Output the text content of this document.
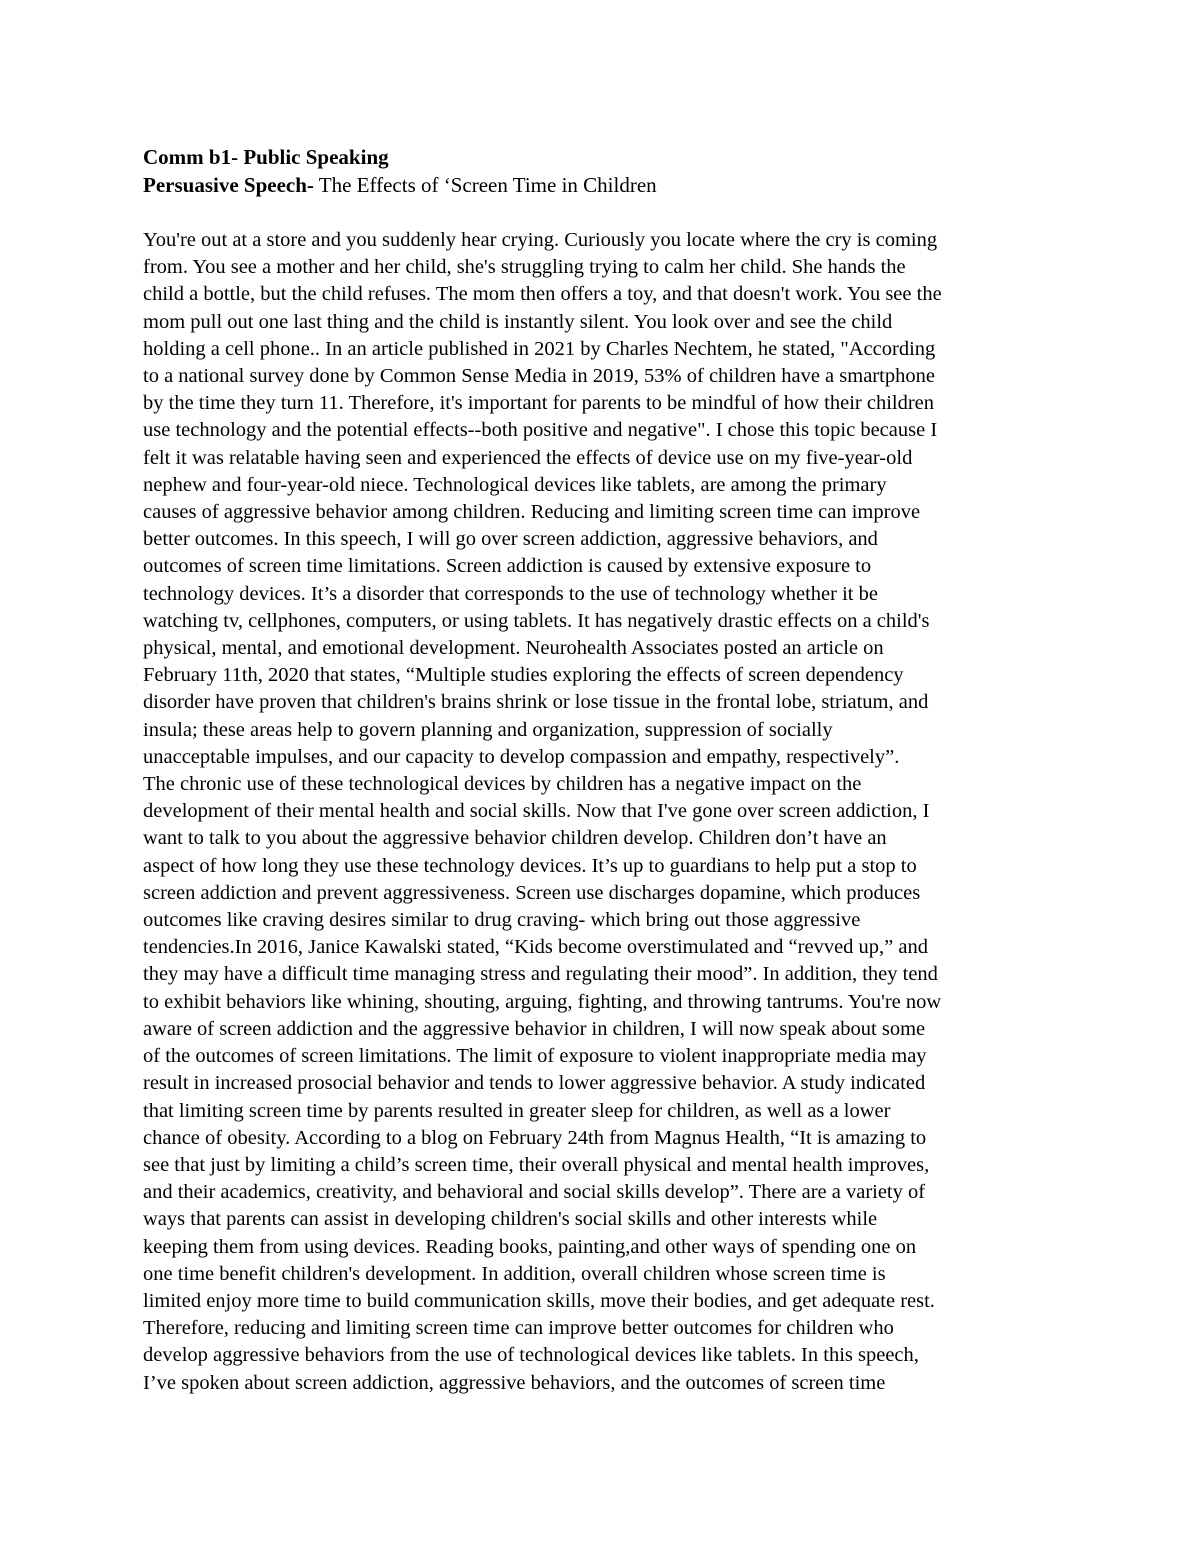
Comm b1- Public Speaking
Persuasive Speech- The Effects of ‘Screen Time in Children
You're out at a store and you suddenly hear crying. Curiously you locate where the cry is coming
from. You see a mother and her child, she's struggling trying to calm her child. She hands the
child a bottle, but the child refuses. The mom then offers a toy, and that doesn't work. You see the
mom pull out one last thing and the child is instantly silent. You look over and see the child
holding a cell phone.. In an article published in 2021 by Charles Nechtem, he stated, "According
to a national survey done by Common Sense Media in 2019, 53% of children have a smartphone
by the time they turn 11. Therefore, it's important for parents to be mindful of how their children
use technology and the potential effects--both positive and negative". I chose this topic because I
felt it was relatable having seen and experienced the effects of device use on my five-year-old
nephew and four-year-old niece. Technological devices like tablets, are among the primary
causes of aggressive behavior among children. Reducing and limiting screen time can improve
better outcomes. In this speech, I will go over screen addiction, aggressive behaviors, and
outcomes of screen time limitations. Screen addiction is caused by extensive exposure to
technology devices. It’s a disorder that corresponds to the use of technology whether it be
watching tv, cellphones, computers, or using tablets. It has negatively drastic effects on a child's
physical, mental, and emotional development. Neurohealth Associates posted an article on
February 11th, 2020 that states, “Multiple studies exploring the effects of screen dependency
disorder have proven that children's brains shrink or lose tissue in the frontal lobe, striatum, and
insula; these areas help to govern planning and organization, suppression of socially
unacceptable impulses, and our capacity to develop compassion and empathy, respectively”.
The chronic use of these technological devices by children has a negative impact on the
development of their mental health and social skills. Now that I've gone over screen addiction, I
want to talk to you about the aggressive behavior children develop. Children don’t have an
aspect of how long they use these technology devices. It’s up to guardians to help put a stop to
screen addiction and prevent aggressiveness. Screen use discharges dopamine, which produces
outcomes like craving desires similar to drug craving- which bring out those aggressive
tendencies.In 2016, Janice Kawalski stated, “Kids become overstimulated and “revved up,” and
they may have a difficult time managing stress and regulating their mood”. In addition, they tend
to exhibit behaviors like whining, shouting, arguing, fighting, and throwing tantrums. You're now
aware of screen addiction and the aggressive behavior in children, I will now speak about some
of the outcomes of screen limitations. The limit of exposure to violent inappropriate media may
result in increased prosocial behavior and tends to lower aggressive behavior. A study indicated
that limiting screen time by parents resulted in greater sleep for children, as well as a lower
chance of obesity. According to a blog on February 24th from Magnus Health, “It is amazing to
see that just by limiting a child’s screen time, their overall physical and mental health improves,
and their academics, creativity, and behavioral and social skills develop”. There are a variety of
ways that parents can assist in developing children's social skills and other interests while
keeping them from using devices. Reading books, painting,and other ways of spending one on
one time benefit children's development. In addition, overall children whose screen time is
limited enjoy more time to build communication skills, move their bodies, and get adequate rest.
Therefore, reducing and limiting screen time can improve better outcomes for children who
develop aggressive behaviors from the use of technological devices like tablets. In this speech,
I’ve spoken about screen addiction, aggressive behaviors, and the outcomes of screen time
